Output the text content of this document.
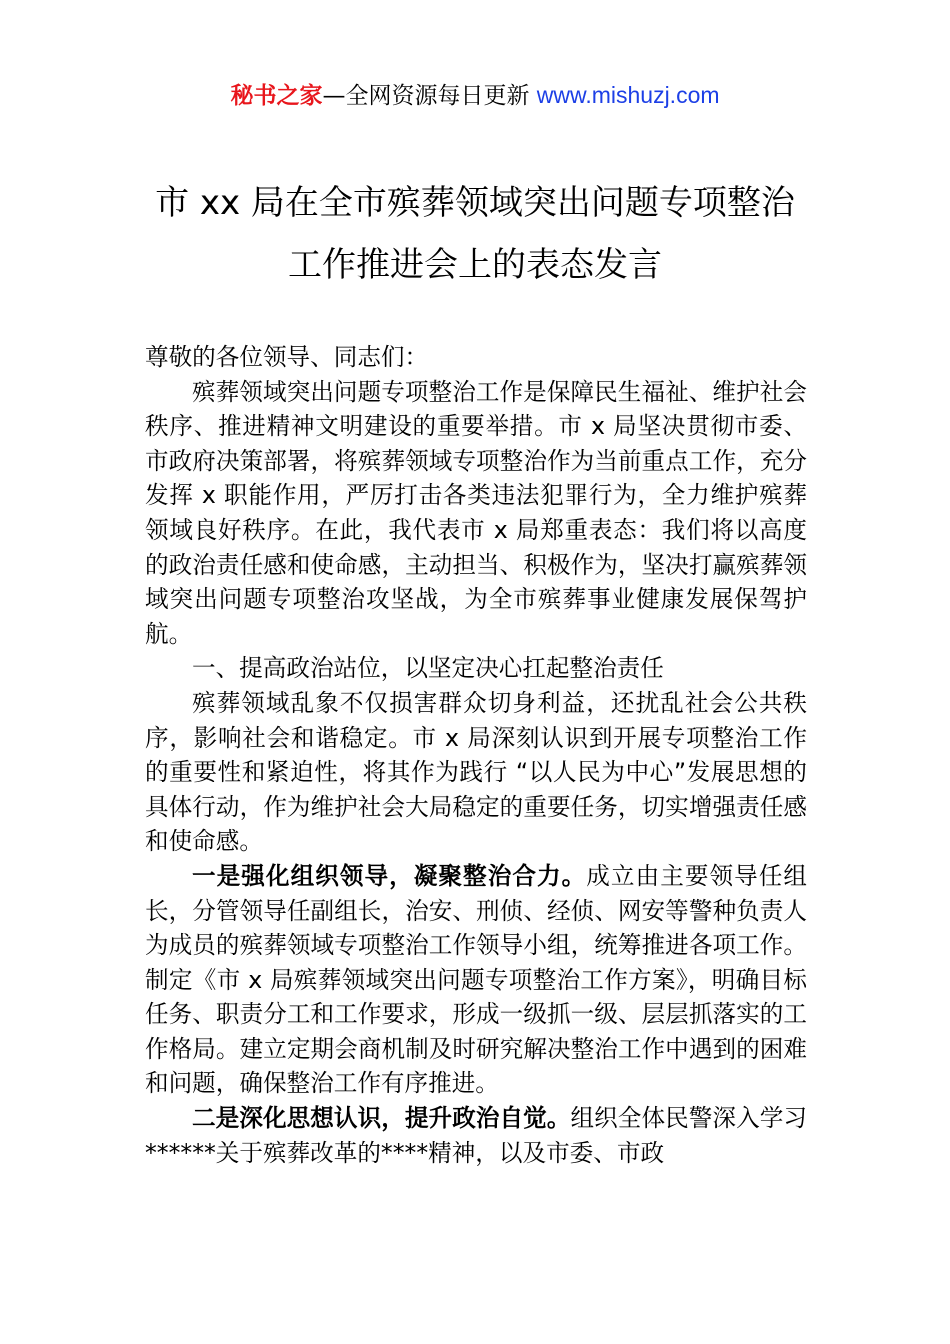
秘书之家—全网资源每日更新 www.mishuzj.com
市 xx 局在全市殡葬领域突出问题专项整治
工作推进会上的表态发言

尊敬的各位领导、同志们：

殡葬领域突出问题专项整治工作是保障民生福祉、维护社会秩序、推进精神文明建设的重要举措。市 x 局坚决贯彻市委、市政府决策部署，将殡葬领域专项整治作为当前重点工作，充分发挥 x 职能作用，严厉打击各类违法犯罪行为，全力维护殡葬领域良好秩序。在此，我代表市 x 局郑重表态：我们将以高度的政治责任感和使命感，主动担当、积极作为，坚决打赢殡葬领域突出问题专项整治攻坚战，为全市殡葬事业健康发展保驾护航。

一、提高政治站位，以坚定决心扛起整治责任

殡葬领域乱象不仅损害群众切身利益，还扰乱社会公共秩序，影响社会和谐稳定。市 x 局深刻认识到开展专项整治工作的重要性和紧迫性，将其作为践行 “以人民为中心”发展思想的具体行动，作为维护社会大局稳定的重要任务，切实增强责任感和使命感。

一是强化组织领导，凝聚整治合力。成立由主要领导任组长，分管领导任副组长，治安、刑侦、经侦、网安等警种负责人为成员的殡葬领域专项整治工作领导小组，统筹推进各项工作。制定《市 x 局殡葬领域突出问题专项整治工作方案》，明确目标任务、职责分工和工作要求，形成一级抓一级、层层抓落实的工作格局。建立定期会商机制及时研究解决整治工作中遇到的困难和问题，确保整治工作有序推进。

二是深化思想认识，提升政治自觉。组织全体民警深入学习******关于殡葬改革的****精神，以及市委、市政
